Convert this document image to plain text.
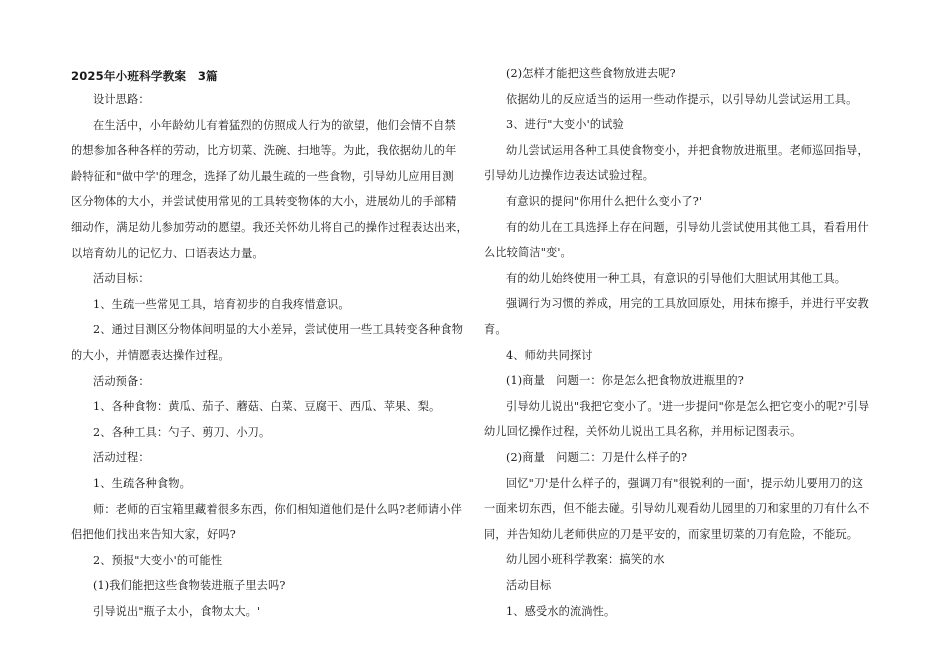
2025年小班科学教案　3篇
设计思路：
在生活中，小年龄幼儿有着猛烈的仿照成人行为的欲望，他们会情不自禁
的想参加各种各样的劳动，比方切菜、洗碗、扫地等。为此，我依据幼儿的年
龄特征和"做中学'的理念，选择了幼儿最生疏的一些食物，引导幼儿应用目测
区分物体的大小，并尝试使用常见的工具转变物体的大小，进展幼儿的手部精
细动作，满足幼儿参加劳动的愿望。我还关怀幼儿将自己的操作过程表达出来，
以培育幼儿的记忆力、口语表达力量。
活动目标：
1、生疏一些常见工具，培育初步的自我疼惜意识。
2、通过目测区分物体间明显的大小差异，尝试使用一些工具转变各种食物
的大小，并情愿表达操作过程。
活动预备：
1、各种食物：黄瓜、茄子、蘑菇、白菜、豆腐干、西瓜、苹果、梨。
2、各种工具：勺子、剪刀、小刀。
活动过程：
1、生疏各种食物。
师：老师的百宝箱里藏着很多东西，你们相知道他们是什么吗?老师请小伴
侣把他们找出来告知大家，好吗?
2、预报"大变小'的可能性
(1)我们能把这些食物装进瓶子里去吗?
引导说出"瓶子太小，食物太大。'
(2)怎样才能把这些食物放进去呢?
依据幼儿的反应适当的运用一些动作提示，以引导幼儿尝试运用工具。
3、进行"大变小'的试验
幼儿尝试运用各种工具使食物变小，并把食物放进瓶里。老师巡回指导，
引导幼儿边操作边表达试验过程。
有意识的提问"你用什么把什么变小了?'
有的幼儿在工具选择上存在问题，引导幼儿尝试使用其他工具，看看用什
么比较简洁"变'。
有的幼儿始终使用一种工具，有意识的引导他们大胆试用其他工具。
强调行为习惯的养成，用完的工具放回原处，用抹布擦手，并进行平安教
育。
4、师幼共同探讨
(1)商量　问题一：你是怎么把食物放进瓶里的?
引导幼儿说出"我把它变小了。'进一步提问"你是怎么把它变小的呢?'引导
幼儿回忆操作过程，关怀幼儿说出工具名称，并用标记图表示。
(2)商量　问题二：刀是什么样子的?
回忆"刀'是什么样子的，强调刀有"很锐利的一面'，提示幼儿要用刀的这
一面来切东西，但不能去碰。引导幼儿观看幼儿园里的刀和家里的刀有什么不
同，并告知幼儿老师供应的刀是平安的，而家里切菜的刀有危险，不能玩。
幼儿园小班科学教案：搞笑的水
活动目标
1、感受水的流淌性。
